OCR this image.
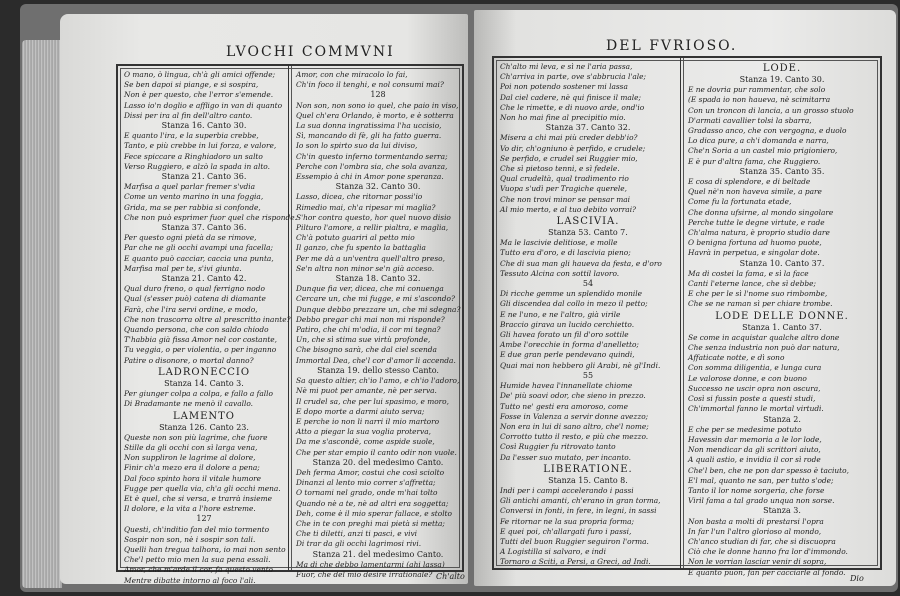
LVOCHI COMMVNI
O mano, ò lingua, ch'à gli amici offende;
Se ben dapoi si piange, e si sospira,
Non è per questo, che l'error s'emende.
Lasso io'n doglio e affligo in van di quanto
Dissi per ira al fin dell'altro canto.
Stanza 16. Canto 30.
E quanto l'ira, e la superbia crebbe,
Tanto, e più crebbe in lui forza, e valore,
Fece spiccare a Ringhiadoro un salto
Verso Ruggiero, e alzò la spada in alto.
Stanza 21. Canto 36.
Marfisa a quel parlar fremer s'vdia
Come un vento marino in una foggia,
Grida, ma se per rabbia si confonde,
Che non può esprimer fuor quel che risponde.
Stanza 37. Canto 36.
Per questo ogni pietà da se rimove,
Par che ne gli occhi avampi una facella;
E quanto può cacciar, caccia una punta,
Marfisa mal per te, s'ivi giunta.
Stanza 21. Canto 42.
Qual duro freno, o qual ferrigno nodo
Qual (s'esser può) catena di diamante
Farà, che l'ira servi ordine, e modo,
Che non trascorra oltre al prescritto inante?
Quando persona, che con saldo chiodo
T'habbia già fissa Amor nel cor costante,
Tu veggia, o per violentia, o per inganno
Patire o disonore, o mortal danno?
LADRONECCIO
Stanza 14. Canto 3.
Per giunger colpa a colpa, e fallo a fallo
Di Bradamante ne menò il cavallo.
LAMENTO
Stanza 126. Canto 23.
Queste non son più lagrime, che fuore
Stille da gli occhi con sì larga vena,
Non suppliron le lagrime al dolore,
Finir ch'a mezo era il dolore a pena;
Dal foco spinto hora il vitale humore
Fugge per quella via, ch'a gli occhi mena.
Et è quel, che si versa, e trarrà insieme
Il dolore, e la vita a l'hore estreme.
127
Questi, ch'inditio fan del mio tormento
Sospir non son, nè i sospir son tali.
Quelli han tregua talhora, io mai non sento
Che'l petto mio men la sua pena essali.
Amor, che m'arde il cor, fa questo vento
Mentre dibatte intorno al foco l'ali.
Amor, con che miracolo lo fai,
Ch'in foco il tenghi, e nol consumi mai?
128
Non son, non sono io quel, che paio in viso,
Quel ch'era Orlando, è morto, e è sotterra
La sua donna ingratissima l'ha uccisio,
Sì, mancando di fè, gli ha fatto guerra.
Io son lo spirto suo da lui diviso,
Ch'in questo inferno tormentando serra;
Perche con l'ombra sia, che sola avanza,
Essempio à chi in Amor pone speranza.
Stanza 32. Canto 30.
Lasso, dicea, che ritornar possi'io
Rimedio mai, ch'a ripesar mi maglia?
S'hor contra questo, hor quel nuovo disio
Pilturo l'amore, a rellir pialtra, e maglia,
Ch'à potuto guariri al petto mio
Il ganzo, che fu spento la battaglia
Per me dà a un'ventra quell'altro preso,
Se'n altra non minor se'n già acceso.
Stanza 18. Canto 32.
Dunque fia ver, dicea, che mi conuenga
Cercare un, che mi fugge, e mi s'ascondo?
Dunque debbo prezzare un, che mi sdegna?
Debbo pregar chi mai non mi risponde?
Patiro, che chi m'odia, il cor mi tegna?
Un, che sì stima sue virtù profonde,
Che bisogno sarà, che dal ciel scenda
Immortal Dea, che'l cor d'amor li accenda.
Stanza 19. dello stesso Canto.
Sa questo altier, ch'io l'amo, e ch'io l'adoro,
Nè mi puot per amante, nè per serva.
Il crudel sa, che per lui spasimo, e moro,
E dopo morte a darmi aiuto serva;
E perche io non li narri il mio martoro
Atto a piegar la sua voglia proterva,
Da me s'ascondè, come aspide suole,
Che per star empio il canto odir non vuole.
Stanza 20. del medesimo Canto.
Deh ferma Amor, costui che così sciolto
Dinanzi al lento mio correr s'affretta;
O tornami nel grado, onde m'hai tolto
Quando nè a te, nè ad altri era soggetta;
Deh, come è il mio sperar fallace, e stolto
Che in te con preghi mai pietà si metta;
Che ti diletti, anzi ti pasci, e vivi
Di trar da gli occhi lagrimosi rivi.
Stanza 21. del medesimo Canto.
Ma di che debbo lamentarmi (ahi lassa)
Fuor, che del mio desire irrationale? Ch'alto
DEL FVRIOSO.
Ch'alto mi leva, e sì ne l'aria passa,
Ch'arriva in parte, ove s'abbrucia l'ale;
Poi non potendo sostener mi lassa
Dal ciel cadere, nè qui finisce il male;
Che le rimette, e di nuovo arde, ond'io
Non ho mai fine al precipitio mio.
Stanza 37. Canto 32.
Misera a chi mai più creder debb'io?
Vo dir, ch'ogniuno è perfido, e crudele;
Se perfido, e crudel sei Ruggier mio,
Che sì pietoso tenni, e sì fedele.
Qual crudeltà, qual tradimento rio
Vuopa s'udì per Tragiche querele,
Che non trovi minor se pensar mai
Al mio merto, e al tuo debito vorrai?
LASCIVIA.
Stanza 53. Canto 7.
Ma le lascivie delitiose, e molle
Tutto era d'oro, e di lascivia pieno;
Che di sua man gli haueva da festa, e d'oro
Tessuto Alcina con sottil lavoro.
54
Di ricche gemme un splendido monile
Gli discendea dal collo in mezo il petto;
E ne l'uno, e ne l'altro, già virile
Braccio girava un lucido cerchietto.
Gli havea forato un fil d'oro sottile
Ambe l'orecchie in forma d'anelletto;
E due gran perle pendevano quindi,
Quai mai non hebbero gli Arabi, nè gl'Indi.
55
Humide havea l'innanellate chiome
De' più soavi odor, che sieno in prezzo.
Tutto ne' gesti era amoroso, come
Fosse in Valenza a servir donne avezzo;
Non era in lui di sano altro, che'l nome;
Corrotto tutto il resto, e più che mezzo.
Così Ruggier fu ritrovato tanto
Da l'esser suo mutato, per incanto.
LIBERATIONE.
Stanza 15. Canto 8.
Indi per i campi accelerando i passi
Gli antichi amanti, ch'erano in gran torma,
Conversi in fonti, in fere, in legni, in sassi
Fe ritornar ne la sua propria forma;
E quei poi, ch'allargati furo i passi,
Tutti del buon Ruggier seguiron l'orma.
A Logistilla si salvaro, e indi
Tornaro a Sciti, a Persi, a Greci, ad Indi.
LODE.
Stanza 19. Canto 30.
E ne dovria pur rammentar, che solo
(E spada io non haueva, nè scimitarra
Con un troncon di lancia, a un grosso stuolo
D'armati cavallier tolsi la sbarra,
Gradasso anco, che con vergogna, e duolo
Lo dica pure, a ch'i domanda e narra,
Che'n Soria a un castel mio prigioniero,
E è pur d'altra fama, che Ruggiero.
Stanza 35. Canto 35.
E cosa di splendore, e di beltade
Quel nè'n non haveva simile, a pare
Come fu la fortunata etade,
Che donna ufsirne, al mondo singolare
Perche tutte le degne virtute, e rade
Ch'alma natura, è proprio studio dare
O benigna fortuna ad huomo puote,
Havrà in perpetua, e singolar dote.
Stanza 10. Canto 37.
Ma di costei la fama, e sì la face
Canti l'eterne lance, che sì debbe;
E che per le sì l'nome suo rimbombe,
Che se ne raman sì per chiare trombe.
LODE DELLE DONNE.
Stanza 1. Canto 37.
Se come in acquistar qualche altro done
Che senza industria non può dar natura,
Affaticate notte, e dì sono
Con somma diligentia, e lunga cura
Le valorose donne, e con buono
Successo ne uscir opra non oscura,
Così si fussin poste a questi studi,
Ch'immortal fanno le mortal virtudi.
Stanza 2.
E che per se medesime potuto
Havessin dar memoria a le lor lode,
Non mendicar da gli scrittori aiuto,
A quali astio, e invidia il cor sì rode
Che'l ben, che ne pon dar spesso è taciuto,
E'l mal, quanto ne san, per tutto s'ode;
Tanto il lor nome sorgeria, che forse
Viril fama a tal grado unqua non sorse.
Stanza 3.
Non basta a molti di prestarsi l'opra
In far l'un l'altro glorioso al mondo,
Ch'anco studian di far, che si discuopra
Ciò che le donne hanno fra lor d'immondo.
Non le vorrian lasciar venir di sopra,
E quanto puon, fan per cacciarle al fondo.
Dio
